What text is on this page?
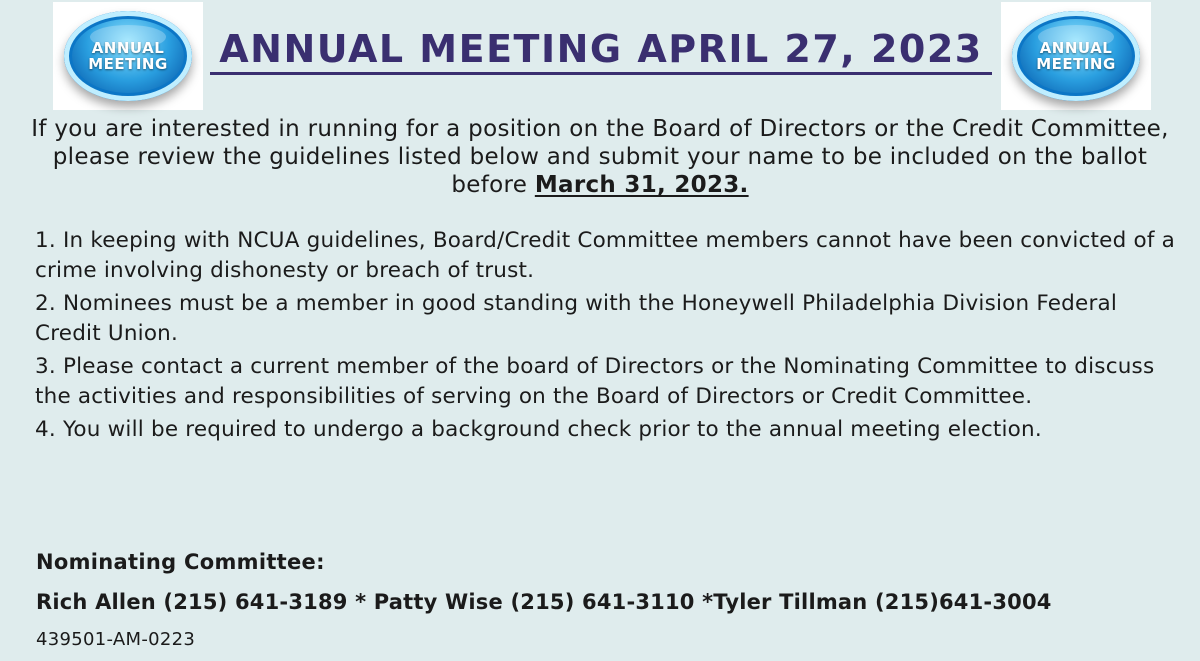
ANNUAL
MEETING ANNUAL MEETING APRIL 27, 2023	ANNUAL
MEETING

If you are interested in running for a position on the Board of Directors or the Credit Committee, please review the guidelines listed below and submit your name to be included on the ballot before March 31, 2023.

1. In keeping with NCUA guidelines, Board/Credit Committee members cannot have been convicted of a crime involving dishonesty or breach of trust.
2. Nominees must be a member in good standing with the Honeywell Philadelphia Division Federal Credit Union.
3. Please contact a current member of the board of Directors or the Nominating Committee to discuss the activities and responsibilities of serving on the Board of Directors or Credit Committee.
4. You will be required to undergo a background check prior to the annual meeting election.

Nominating Committee:

Rich Allen (215) 641-3189 * Patty Wise (215) 641-3110 *Tyler Tillman (215)641-3004

439501-AM-0223
